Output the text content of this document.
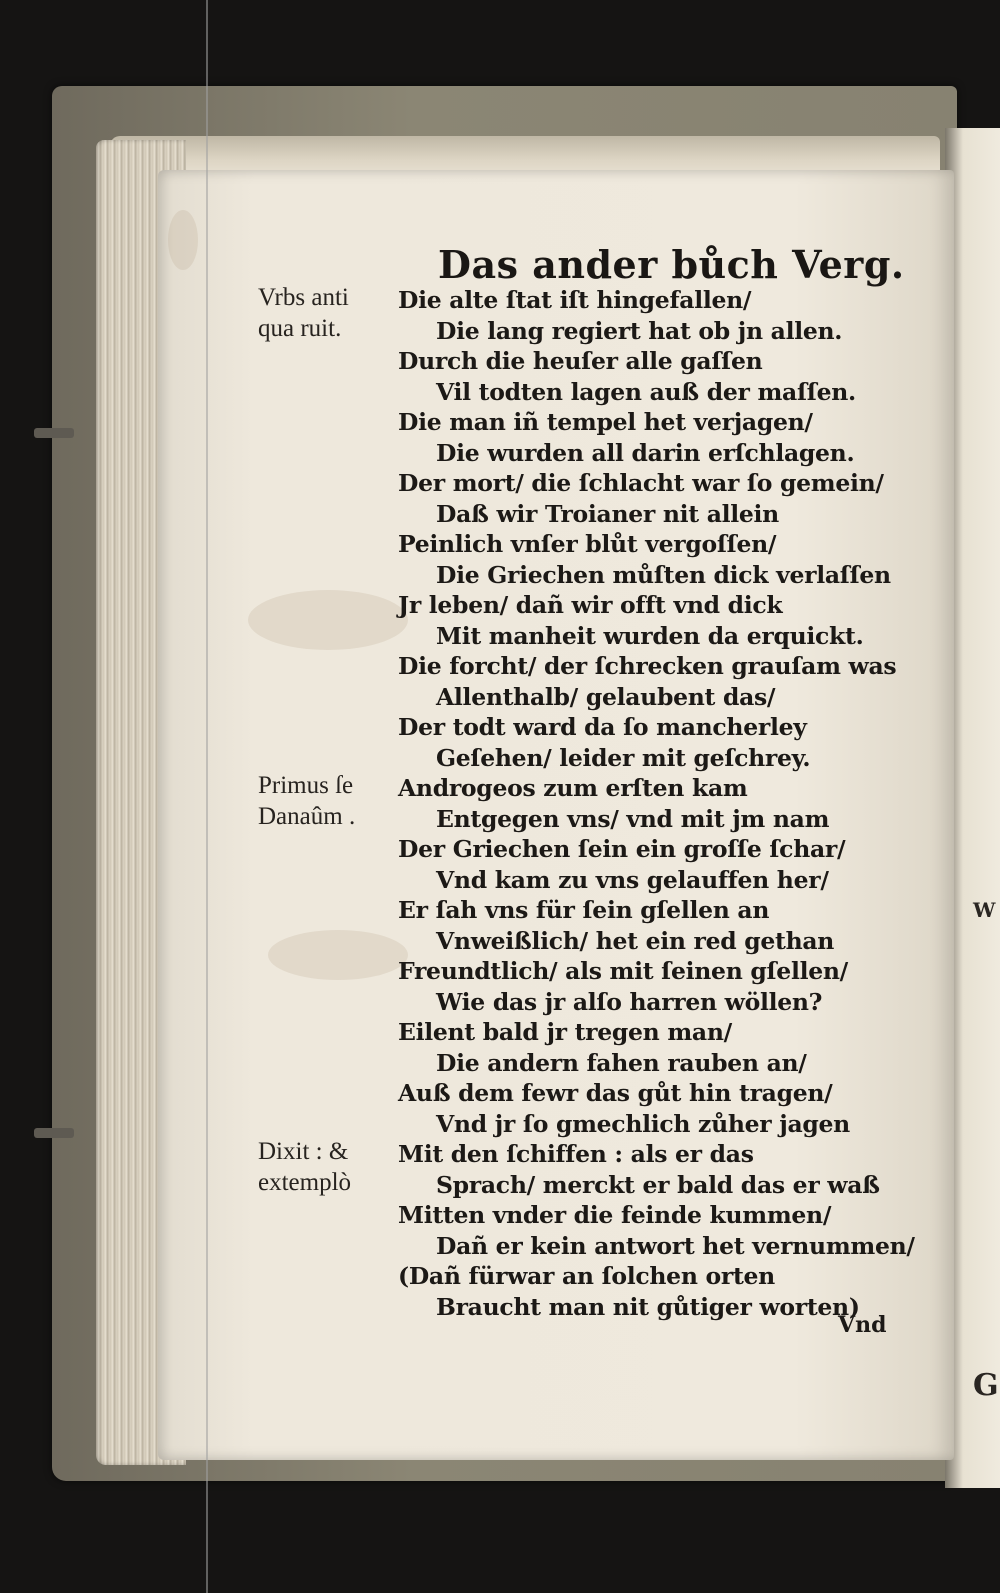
W
G
Das ander bůch Verg.
Die alte ſtat iſt hingefallen/
Die lang regiert hat ob jn allen.
Durch die heuſer alle gaſſen
Vil todten lagen auß der maſſen.
Die man iñ tempel het verjagen/
Die wurden all darin erſchlagen.
Der mort/ die ſchlacht war ſo gemein/
Daß wir Troianer nit allein
Peinlich vnſer blůt vergoſſen/
Die Griechen můſten dick verlaſſen
Jr leben/ dañ wir offt vnd dick
Mit manheit wurden da erquickt.
Die forcht/ der ſchrecken grauſam was
Allenthalb/ gelaubent das/
Der todt ward da ſo mancherley
Geſehen/ leider mit geſchrey.
Androgeos zum erſten kam
Entgegen vns/ vnd mit jm nam
Der Griechen ſein ein groſſe ſchar/
Vnd kam zu vns gelauffen her/
Er ſah vns für ſein gſellen an
Vnweißlich/ het ein red gethan
Freundtlich/ als mit ſeinen gſellen/
Wie das jr alſo harren wöllen?
Eilent bald jr tregen man/
Die andern fahen rauben an/
Auß dem fewr das gůt hin tragen/
Vnd jr ſo gmechlich zůher jagen
Mit den ſchiffen : als er das
Sprach/ merckt er bald das er waß
Mitten vnder die feinde kummen/
Dañ er kein antwort het vernummen/
(Dañ fürwar an ſolchen orten
Braucht man nit gůtiger worten)
Vrbs anti
qua ruit.
Primus ſe
Danaûm .
Dixit : &
extemplò
Vnd
